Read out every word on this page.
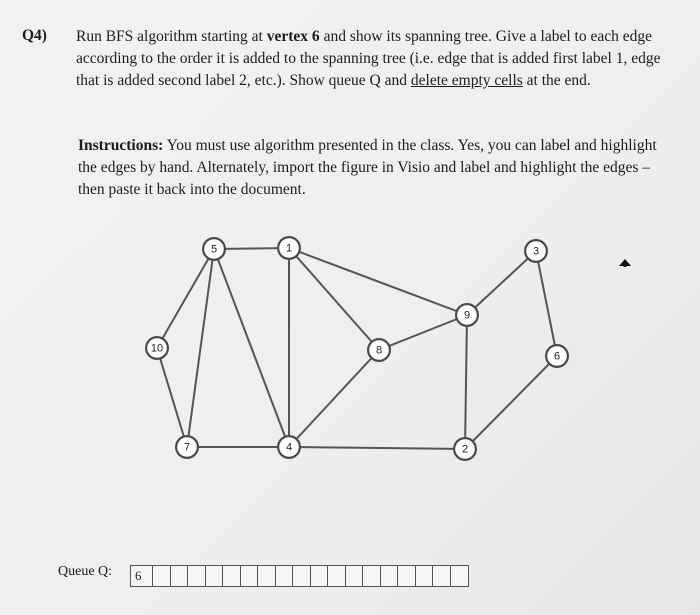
Q4) Run BFS algorithm starting at vertex 6 and show its spanning tree. Give a label to each edge according to the order it is added to the spanning tree (i.e. edge that is added first label 1, edge that is added second label 2, etc.). Show queue Q and delete empty cells at the end.
Instructions: You must use algorithm presented in the class. Yes, you can label and highlight the edges by hand. Alternately, import the figure in Visio and label and highlight the edges – then paste it back into the document.
5	1	3
9
10	8	6
7	4	2
Queue Q:	6
